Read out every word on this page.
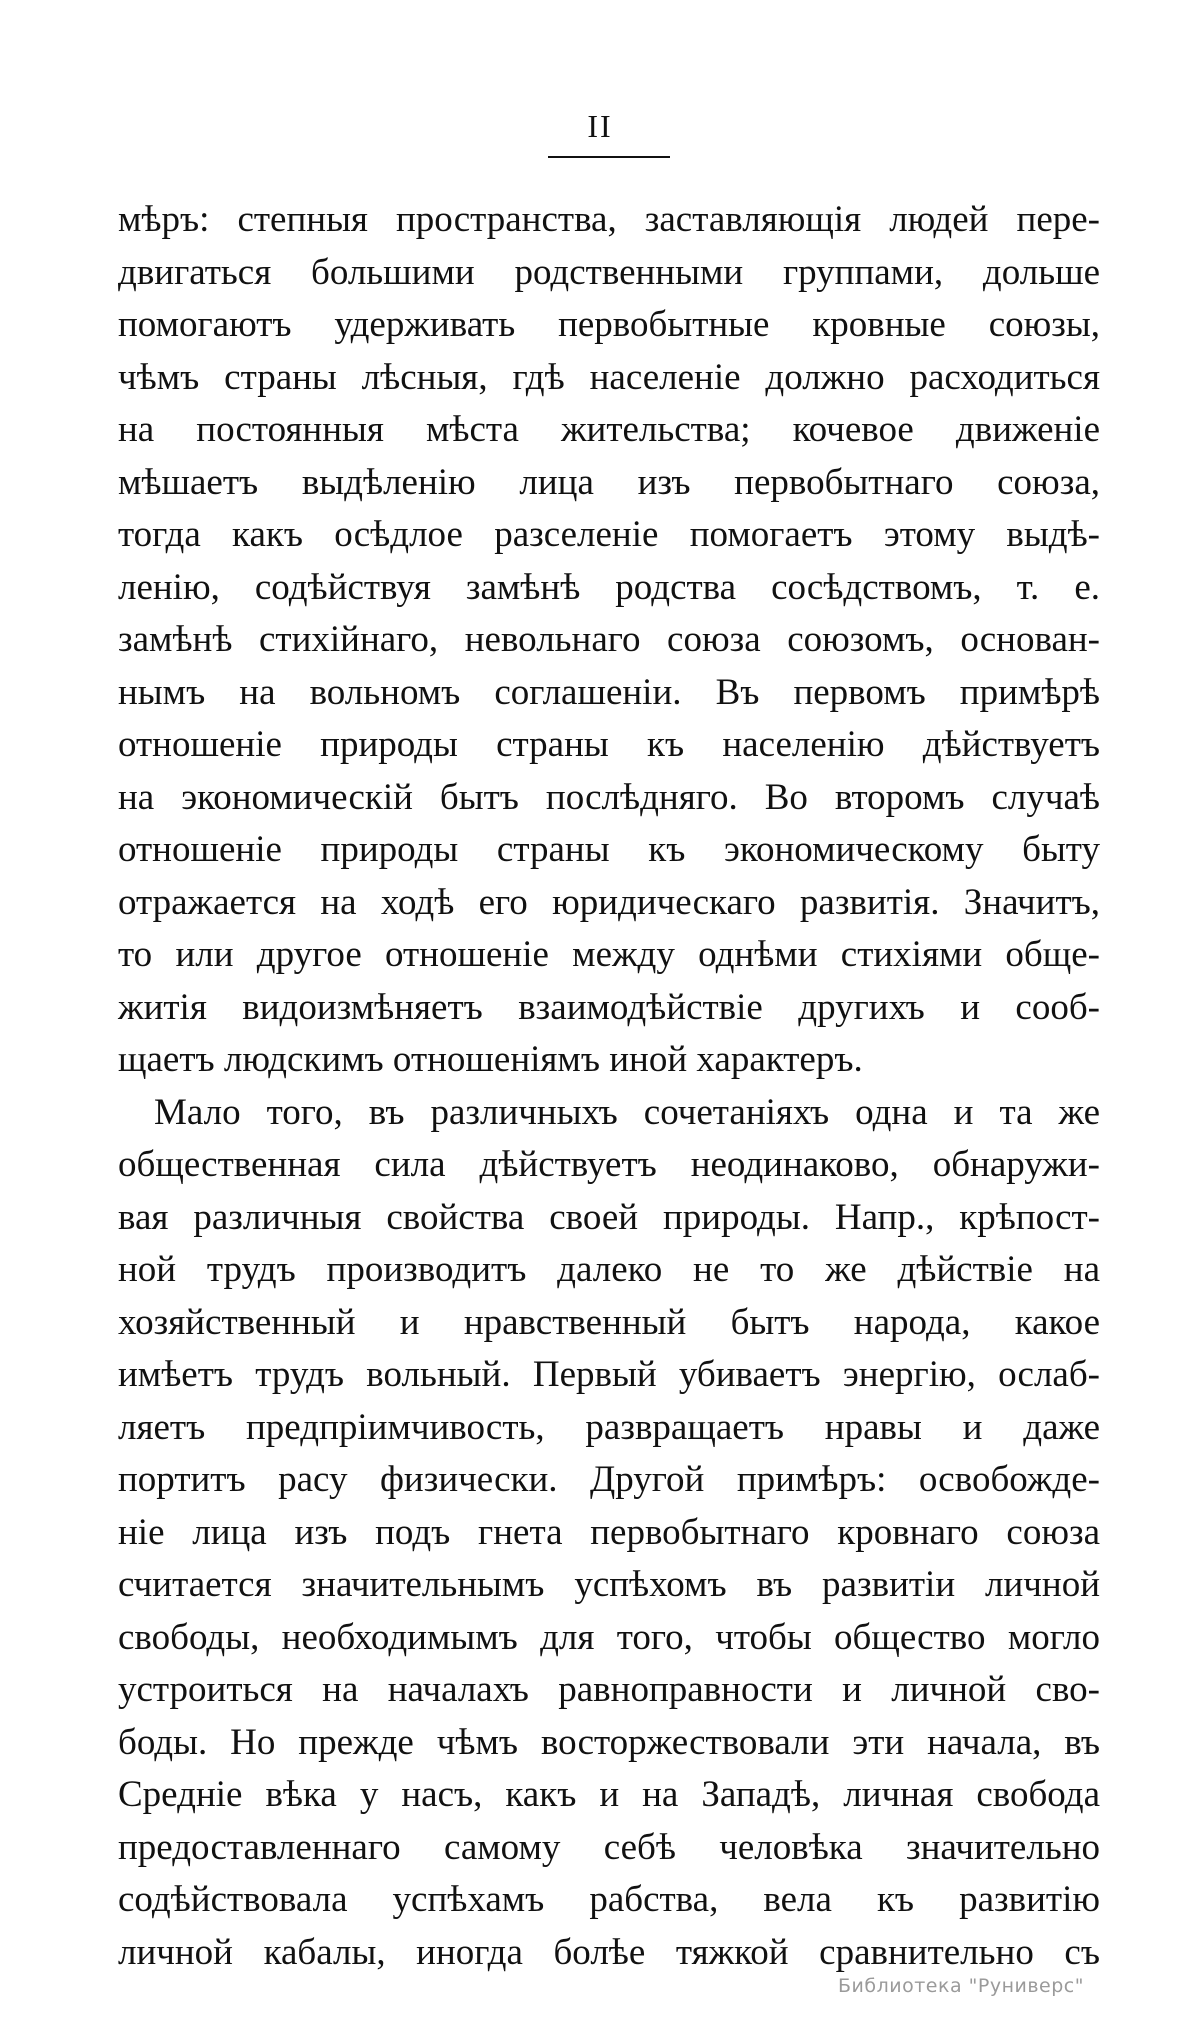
II
мѣръ: степныя пространства, заставляющія людей пере-
двигаться большими родственными группами, дольше
помогаютъ удерживать первобытные кровные союзы,
чѣмъ страны лѣсныя, гдѣ населеніе должно расходиться
на постоянныя мѣста жительства; кочевое движеніе
мѣшаетъ выдѣленію лица изъ первобытнаго союза,
тогда какъ осѣдлое разселеніе помогаетъ этому выдѣ-
ленію, содѣйствуя замѣнѣ родства сосѣдствомъ, т. е.
замѣнѣ стихійнаго, невольнаго союза союзомъ, основан-
нымъ на вольномъ соглашеніи. Въ первомъ примѣрѣ
отношеніе природы страны къ населенію дѣйствуетъ
на экономическій бытъ послѣдняго. Во второмъ случаѣ
отношеніе природы страны къ экономическому быту
отражается на ходѣ его юридическаго развитія. Значитъ,
то или другое отношеніе между однѣми стихіями обще-
житія видоизмѣняетъ взаимодѣйствіе другихъ и сооб-
щаетъ людскимъ отношеніямъ иной характеръ.
Мало того, въ различныхъ сочетаніяхъ одна и та же
общественная сила дѣйствуетъ неодинаково, обнаружи-
вая различныя свойства своей природы. Напр., крѣпост-
ной трудъ производитъ далеко не то же дѣйствіе на
хозяйственный и нравственный бытъ народа, какое
имѣетъ трудъ вольный. Первый убиваетъ энергію, ослаб-
ляетъ предпріимчивость, развращаетъ нравы и даже
портитъ расу физически. Другой примѣръ: освобожде-
ніе лица изъ подъ гнета первобытнаго кровнаго союза
считается значительнымъ успѣхомъ въ развитіи личной
свободы, необходимымъ для того, чтобы общество могло
устроиться на началахъ равноправности и личной сво-
боды. Но прежде чѣмъ восторжествовали эти начала, въ
Средніе вѣка у насъ, какъ и на Западѣ, личная свобода
предоставленнаго самому себѣ человѣка значительно
содѣйствовала успѣхамъ рабства, вела къ развитію
личной кабалы, иногда болѣе тяжкой сравнительно съ
Библиотека "Руниверс"
